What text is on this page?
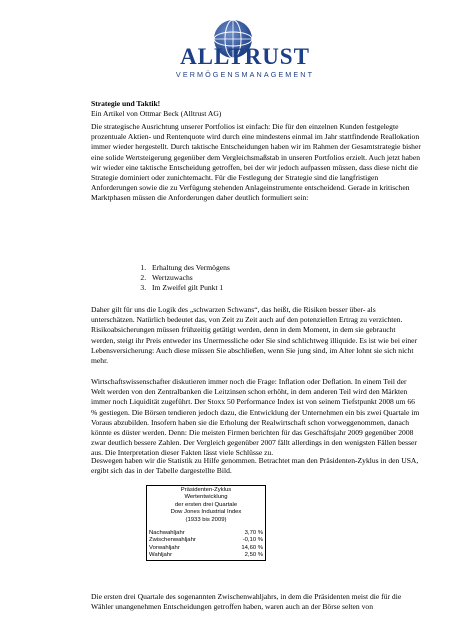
ALLTRUST
VERMÖGENSMANAGEMENT

Strategie und Taktik!

Ein Artikel von Ottmar Beck (Alltrust AG)

Die strategische Ausrichtung unserer Portfolios ist einfach: Die für den einzelnen Kunden festgelegte prozentuale Aktien- und Rentenquote wird durch eine mindestens einmal im Jahr stattfindende Reallokation immer wieder hergestellt. Durch taktische Entscheidungen haben wir im Rahmen der Gesamtstrategie bisher eine solide Wertsteigerung gegenüber dem Vergleichsmaßstab in unseren Portfolios erzielt. Auch jetzt haben wir wieder eine taktische Entscheidung getroffen, bei der wir jedoch aufpassen müssen, dass diese nicht die Strategie dominiert oder zunichtemacht. Für die Festlegung der Strategie sind die langfristigen Anforderungen sowie die zu Verfügung stehenden Anlageinstrumente entscheidend. Gerade in kritischen Marktphasen müssen die Anforderungen daher deutlich formuliert sein:

1. Erhaltung des Vermögens
2. Wertzuwachs
3. Im Zweifel gilt Punkt 1

Daher gilt für uns die Logik des „schwarzen Schwans“, das heißt, die Risiken besser über- als unterschätzen. Natürlich bedeutet das, von Zeit zu Zeit auch auf den potenziellen Ertrag zu verzichten. Risikoabsicherungen müssen frühzeitig getätigt werden, denn in dem Moment, in dem sie gebraucht werden, steigt ihr Preis entweder ins Unermessliche oder Sie sind schlichtweg illiquide. Es ist wie bei einer Lebensversicherung: Auch diese müssen Sie abschließen, wenn Sie jung sind, im Alter lohnt sie sich nicht mehr.

Wirtschaftswissenschafter diskutieren immer noch die Frage: Inflation oder Deflation. In einem Teil der Welt werden von den Zentralbanken die Leitzinsen schon erhöht, in dem anderen Teil wird den Märkten immer noch Liquidität zugeführt. Der Stoxx 50 Performance Index ist von seinem Tiefstpunkt 2008 um 66 % gestiegen. Die Börsen tendieren jedoch dazu, die Entwicklung der Unternehmen ein bis zwei Quartale im Voraus abzubilden. Insofern haben sie die Erholung der Realwirtschaft schon vorweggenommen, danach könnte es düster werden. Denn: Die meisten Firmen berichten für das Geschäftsjahr 2009 gegenüber 2008 zwar deutlich bessere Zahlen. Der Vergleich gegenüber 2007 fällt allerdings in den wenigsten Fällen besser aus. Die Interpretation dieser Fakten lässt viele Schlüsse zu.

Deswegen haben wir die Statistik zu Hilfe genommen. Betrachtet man den Präsidenten-Zyklus in den USA, ergibt sich das in der Tabelle dargestellte Bild.

Präsidenten-Zyklus
Wertentwicklung
der ersten drei Quartale
Dow Jones Industrial Index
(1933 bis 2009)
Nachwahljahr	3,70 %
Zwischenwahljahr	-0,10 %
Vorwahljahr	14,60 %
Wahljahr	2,50 %

Die ersten drei Quartale des sogenannten Zwischenwahljahrs, in dem die Präsidenten meist die für die Wähler unangenehmen Entscheidungen getroffen haben, waren auch an der Börse selten von
